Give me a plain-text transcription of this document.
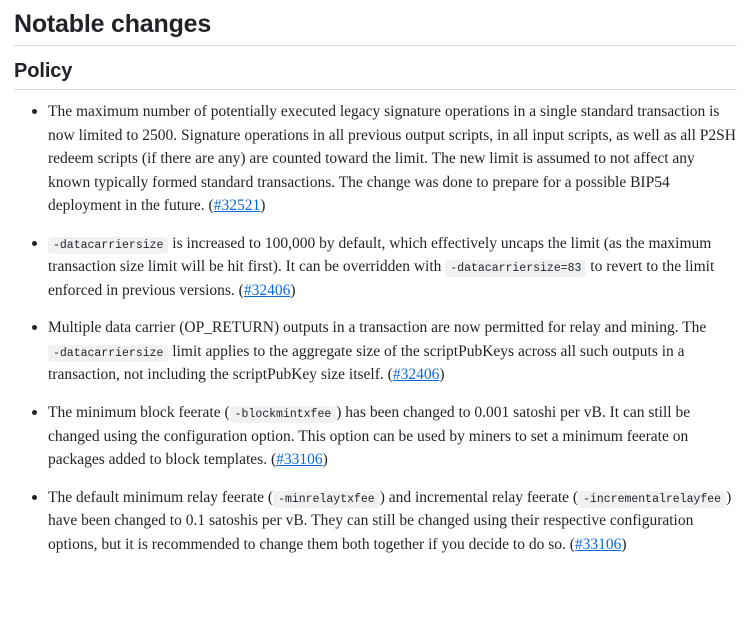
Notable changes
Policy
The maximum number of potentially executed legacy signature operations in a single standard transaction is now limited to 2500. Signature operations in all previous output scripts, in all input scripts, as well as all P2SH redeem scripts (if there are any) are counted toward the limit. The new limit is assumed to not affect any known typically formed standard transactions. The change was done to prepare for a possible BIP54 deployment in the future. (#32521)
-datacarriersize is increased to 100,000 by default, which effectively uncaps the limit (as the maximum transaction size limit will be hit first). It can be overridden with -datacarriersize=83 to revert to the limit enforced in previous versions. (#32406)
Multiple data carrier (OP_RETURN) outputs in a transaction are now permitted for relay and mining. The -datacarriersize limit applies to the aggregate size of the scriptPubKeys across all such outputs in a transaction, not including the scriptPubKey size itself. (#32406)
The minimum block feerate ( -blockmintxfee ) has been changed to 0.001 satoshi per vB. It can still be changed using the configuration option. This option can be used by miners to set a minimum feerate on packages added to block templates. (#33106)
The default minimum relay feerate ( -minrelaytxfee ) and incremental relay feerate ( -incrementalrelayfee ) have been changed to 0.1 satoshis per vB. They can still be changed using their respective configuration options, but it is recommended to change them both together if you decide to do so. (#33106)
